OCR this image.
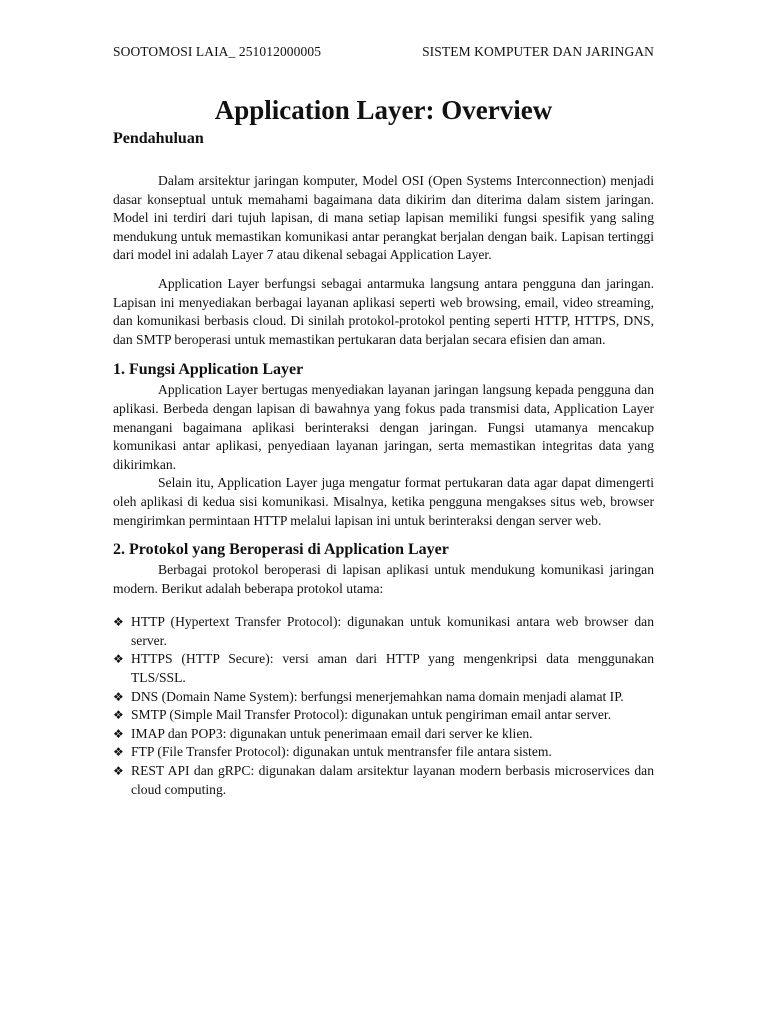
SOOTOMOSI LAIA_ 251012000005	SISTEM KOMPUTER DAN JARINGAN
Application Layer: Overview
Pendahuluan

Dalam arsitektur jaringan komputer, Model OSI (Open Systems Interconnection) menjadi dasar konseptual untuk memahami bagaimana data dikirim dan diterima dalam sistem jaringan. Model ini terdiri dari tujuh lapisan, di mana setiap lapisan memiliki fungsi spesifik yang saling mendukung untuk memastikan komunikasi antar perangkat berjalan dengan baik. Lapisan tertinggi dari model ini adalah Layer 7 atau dikenal sebagai Application Layer.

Application Layer berfungsi sebagai antarmuka langsung antara pengguna dan jaringan. Lapisan ini menyediakan berbagai layanan aplikasi seperti web browsing, email, video streaming, dan komunikasi berbasis cloud. Di sinilah protokol-protokol penting seperti HTTP, HTTPS, DNS, dan SMTP beroperasi untuk memastikan pertukaran data berjalan secara efisien dan aman.

1. Fungsi Application Layer

Application Layer bertugas menyediakan layanan jaringan langsung kepada pengguna dan aplikasi. Berbeda dengan lapisan di bawahnya yang fokus pada transmisi data, Application Layer menangani bagaimana aplikasi berinteraksi dengan jaringan. Fungsi utamanya mencakup komunikasi antar aplikasi, penyediaan layanan jaringan, serta memastikan integritas data yang dikirimkan.

Selain itu, Application Layer juga mengatur format pertukaran data agar dapat dimengerti oleh aplikasi di kedua sisi komunikasi. Misalnya, ketika pengguna mengakses situs web, browser mengirimkan permintaan HTTP melalui lapisan ini untuk berinteraksi dengan server web.

2. Protokol yang Beroperasi di Application Layer

Berbagai protokol beroperasi di lapisan aplikasi untuk mendukung komunikasi jaringan modern. Berikut adalah beberapa protokol utama:

❖ HTTP (Hypertext Transfer Protocol): digunakan untuk komunikasi antara web browser dan server.
❖ HTTPS (HTTP Secure): versi aman dari HTTP yang mengenkripsi data menggunakan TLS/SSL.
❖ DNS (Domain Name System): berfungsi menerjemahkan nama domain menjadi alamat IP.
❖ SMTP (Simple Mail Transfer Protocol): digunakan untuk pengiriman email antar server.
❖ IMAP dan POP3: digunakan untuk penerimaan email dari server ke klien.
❖ FTP (File Transfer Protocol): digunakan untuk mentransfer file antara sistem.
❖ REST API dan gRPC: digunakan dalam arsitektur layanan modern berbasis microservices dan cloud computing.
